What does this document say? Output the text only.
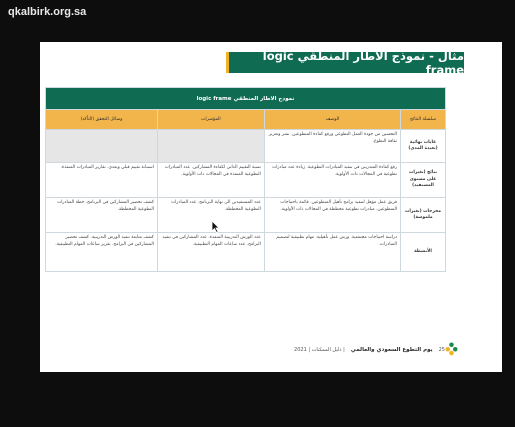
qkalbirk.org.sa
مثال - نموذج الاطار المنطقي logic frame
نموذج الاطار المنطقي logic frame			
سلسلة النتائج	الوصف	المؤشرات	وسائل التحقق (التأكد)
غايات نهائية (بعيدة المدى)	التحسين من جودة العمل التطوعي ورفع كفاءة المتطوعين. نشر وتعزيز ثقافة التطوع.		
نتائج (تغيرات على مستوى المستفيد)	رفع كفاءة المتدربين في تنفيذ المبادرات التطوعية. زيادة عدد مبادرات تطوعية في المجالات ذات الأولوية.	نسبة التقييم الذاتي لكفاءة المشاركين. عدد المبادرات التطوعية المنفذة في المجالات ذات الأولوية.	استبانة تقييم قبلي وبعدي. تقارير المبادرات المنفذة.
مخرجات (تغيرات ملموسة)	فريق عمل مؤهل لتنفيذ برامج تأهيل المتطوعين. قائمة باحتياجات المتطوعين. مبادرات تطوعية مخططة في المجالات ذات الأولوية.	عدد المستفيدين الى نهاية البرنامج. عدد المبادرات التطوعية المخططة.	كشف تحضير المشاركين في البرنامج. خطة المبادرات التطوعية المخططة.
الأنشطة	دراسة احتياجات مجتمعية. ورش عمل تأهيلية. مهام تطبيقية لتصميم المبادرات.	عدد الورش التدريبية المنفذة. عدد المشاركين في تنفيذ البرامج. عدد ساعات المهام التطبيقية.	كشف متابعة تنفيذ الورش التدريبية. كشف تحضير المشاركين في البرامج. تقرير ساعات المهام التطبيقية.
25
يوم التطوع السعودي والعالمي
| دليل الممكنات | 2021
